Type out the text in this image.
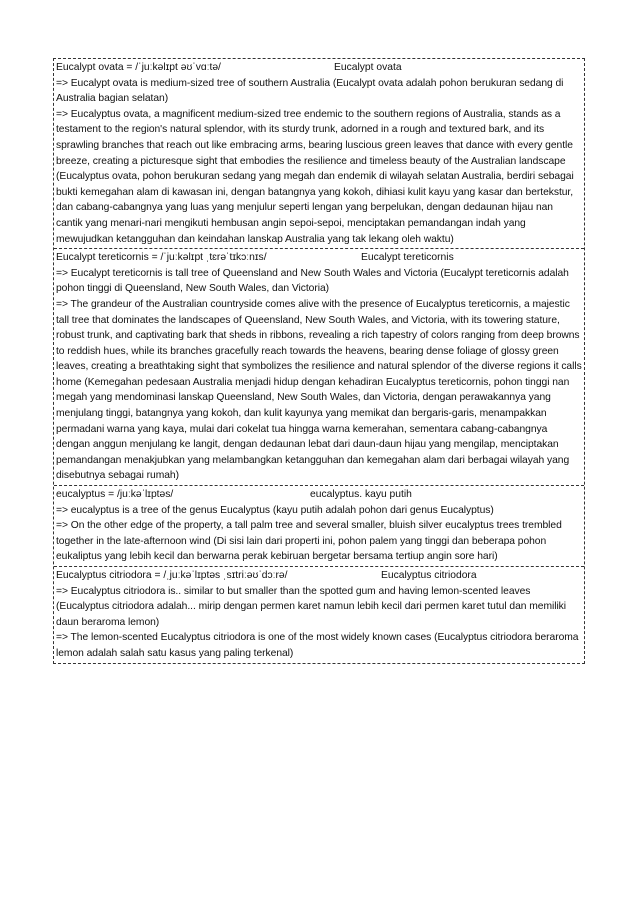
Eucalypt ovata = /ˈjuːkəlɪpt əʊˈvɑːtə/	Eucalypt ovata
=> Eucalypt ovata is medium-sized tree of southern Australia (Eucalypt ovata adalah pohon berukuran sedang di Australia bagian selatan)
=> Eucalyptus ovata, a magnificent medium-sized tree endemic to the southern regions of Australia, stands as a testament to the region's natural splendor, with its sturdy trunk, adorned in a rough and textured bark, and its sprawling branches that reach out like embracing arms, bearing luscious green leaves that dance with every gentle breeze, creating a picturesque sight that embodies the resilience and timeless beauty of the Australian landscape (Eucalyptus ovata, pohon berukuran sedang yang megah dan endemik di wilayah selatan Australia, berdiri sebagai bukti kemegahan alam di kawasan ini, dengan batangnya yang kokoh, dihiasi kulit kayu yang kasar dan bertekstur, dan cabang-cabangnya yang luas yang menjulur seperti lengan yang berpelukan, dengan dedaunan hijau nan cantik yang menari-nari mengikuti hembusan angin sepoi-sepoi, menciptakan pemandangan indah yang mewujudkan ketangguhan dan keindahan lanskap Australia yang tak lekang oleh waktu)
Eucalypt tereticornis = /ˈjuːkəlɪpt ˌtɛrəˈtɪkɔːnɪs/	Eucalypt tereticornis
=> Eucalypt tereticornis is tall tree of Queensland and New South Wales and Victoria (Eucalypt tereticornis adalah pohon tinggi di Queensland, New South Wales, dan Victoria)
=> The grandeur of the Australian countryside comes alive with the presence of Eucalyptus tereticornis, a majestic tall tree that dominates the landscapes of Queensland, New South Wales, and Victoria, with its towering stature, robust trunk, and captivating bark that sheds in ribbons, revealing a rich tapestry of colors ranging from deep browns to reddish hues, while its branches gracefully reach towards the heavens, bearing dense foliage of glossy green leaves, creating a breathtaking sight that symbolizes the resilience and natural splendor of the diverse regions it calls home (Kemegahan pedesaan Australia menjadi hidup dengan kehadiran Eucalyptus tereticornis, pohon tinggi nan megah yang mendominasi lanskap Queensland, New South Wales, dan Victoria, dengan perawakannya yang menjulang tinggi, batangnya yang kokoh, dan kulit kayunya yang memikat dan bergaris-garis, menampakkan permadani warna yang kaya, mulai dari cokelat tua hingga warna kemerahan, sementara cabang-cabangnya dengan anggun menjulang ke langit, dengan dedaunan lebat dari daun-daun hijau yang mengilap, menciptakan pemandangan menakjubkan yang melambangkan ketangguhan dan kemegahan alam dari berbagai wilayah yang disebutnya sebagai rumah)
eucalyptus = /juːkəˈlɪptəs/	eucalyptus. kayu putih
=> eucalyptus is a tree of the genus Eucalyptus (kayu putih adalah pohon dari genus Eucalyptus)
=> On the other edge of the property, a tall palm tree and several smaller, bluish silver eucalyptus trees trembled together in the late-afternoon wind (Di sisi lain dari properti ini, pohon palem yang tinggi dan beberapa pohon eukaliptus yang lebih kecil dan berwarna perak kebiruan bergetar bersama tertiup angin sore hari)
Eucalyptus citriodora = /ˌjuːkəˈlɪptəs ˌsɪtriːəʊˈdɔːrə/	Eucalyptus citriodora
=> Eucalyptus citriodora is.. similar to but smaller than the spotted gum and having lemon-scented leaves (Eucalyptus citriodora adalah... mirip dengan permen karet namun lebih kecil dari permen karet tutul dan memiliki daun beraroma lemon)
=> The lemon-scented Eucalyptus citriodora is one of the most widely known cases (Eucalyptus citriodora beraroma lemon adalah salah satu kasus yang paling terkenal)
